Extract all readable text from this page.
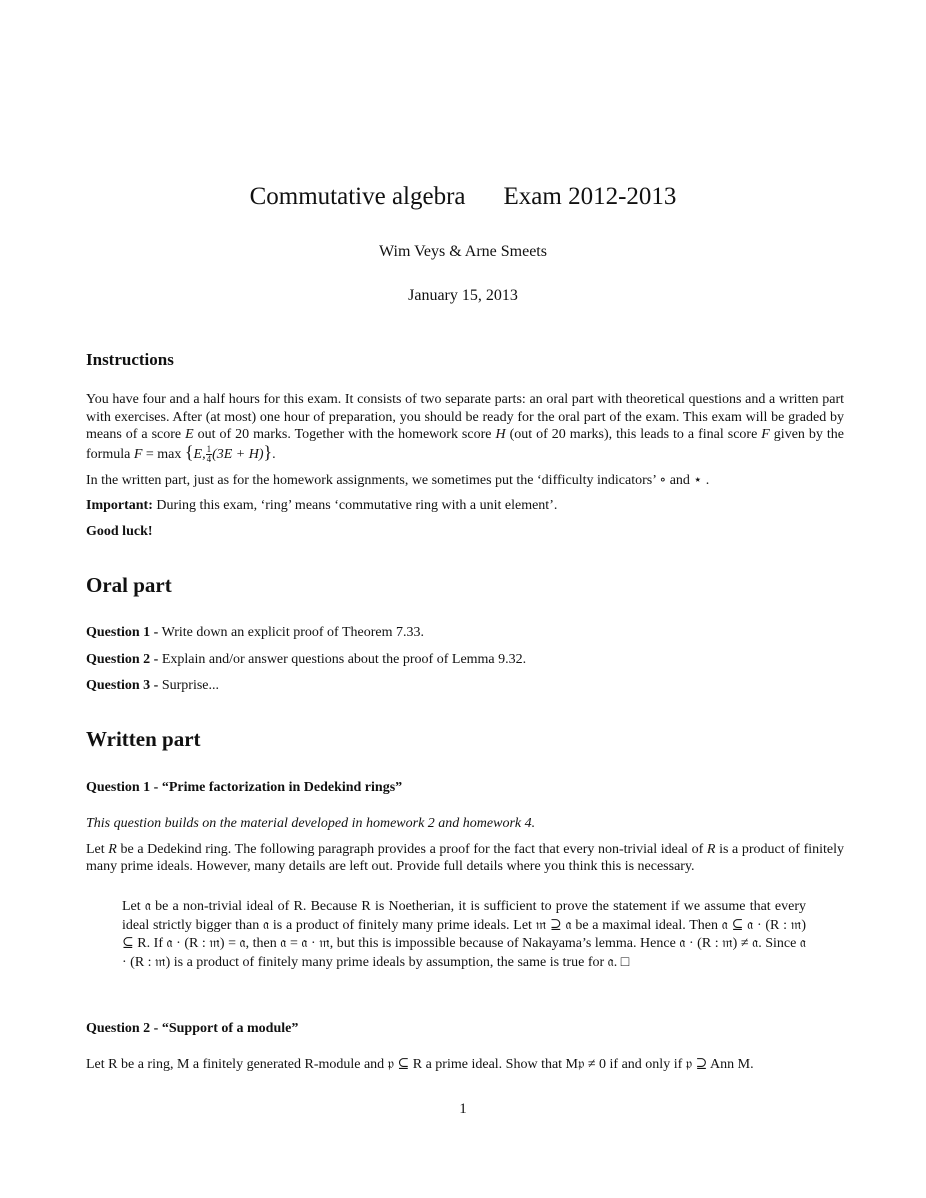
Commutative algebra Exam 2012-2013
Wim Veys & Arne Smeets
January 15, 2013

Instructions

You have four and a half hours for this exam. It consists of two separate parts: an oral part with theoretical questions and a written part with exercises. After (at most) one hour of preparation, you should be ready for the oral part of the exam. This exam will be graded by means of a score E out of 20 marks. Together with the homework score H (out of 20 marks), this leads to a final score F given by the formula F = max {E, $\frac{1}{4} (3E + H)$}.

In the written part, just as for the homework assignments, we sometimes put the ‘difficulty indicators’ ∘ and ⋆ .

Important: During this exam, ‘ring’ means ‘commutative ring with a unit element’.

Good luck!

Oral part

Question 1 - Write down an explicit proof of Theorem 7.33.

Question 2 - Explain and/or answer questions about the proof of Lemma 9.32.

Question 3 - Surprise...

Written part

Question 1 - “Prime factorization in Dedekind rings”

This question builds on the material developed in homework 2 and homework 4.

Let R be a Dedekind ring. The following paragraph provides a proof for the fact that every non-trivial ideal of R is a product of finitely many prime ideals. However, many details are left out. Provide full details where you think this is necessary.

Let 𝔞 be a non-trivial ideal of R. Because R is Noetherian, it is sufficient to prove the statement if we assume that every ideal strictly bigger than 𝔞 is a product of finitely many prime ideals. Let 𝔪 ⊇ 𝔞 be a maximal ideal. Then 𝔞 ⊆ 𝔞 · (R : 𝔪) ⊆ R. If 𝔞 · (R : 𝔪) = 𝔞, then 𝔞 = 𝔞 · 𝔪, but this is impossible because of Nakayama’s lemma. Hence 𝔞 · (R : 𝔪) ≠ 𝔞. Since 𝔞 · (R : 𝔪) is a product of finitely many prime ideals by assumption, the same is true for 𝔞. □

Question 2 - “Support of a module”

Let R be a ring, M a finitely generated R-module and 𝔭 ⊆ R a prime ideal. Show that M𝔭 ≠ 0 if and only if 𝔭 ⊇ Ann M.

1
